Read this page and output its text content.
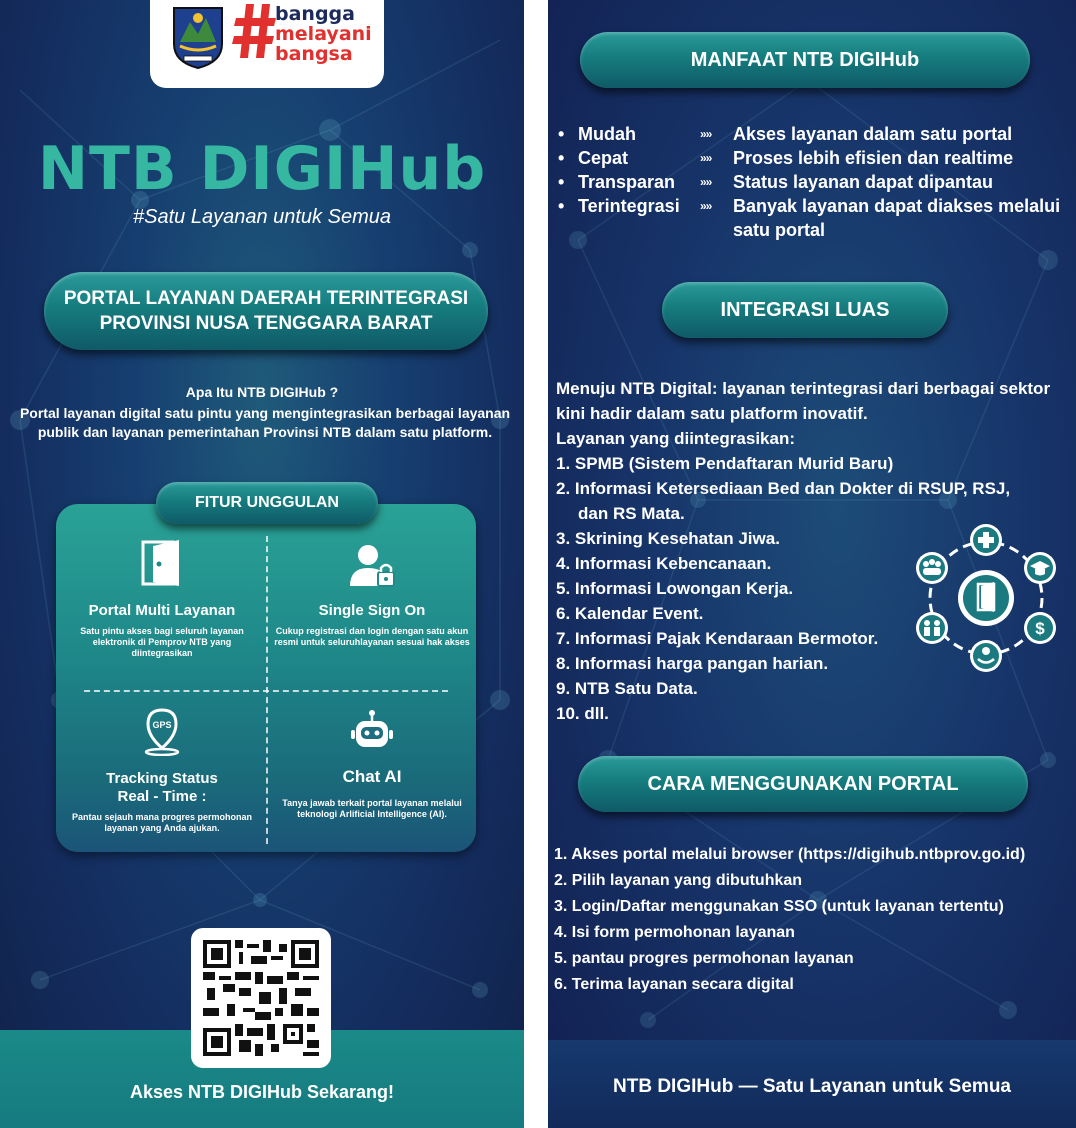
bangga
melayani
bangsa
NTB DIGIHub
#Satu Layanan untuk Semua
PORTAL LAYANAN DAERAH TERINTEGRASI
PROVINSI NUSA TENGGARA BARAT
Apa Itu NTB DIGIHub ?
Portal layanan digital satu pintu yang mengintegrasikan berbagai layanan publik dan layanan pemerintahan Provinsi NTB dalam satu platform.
FITUR UNGGULAN
Portal Multi Layanan
Satu pintu akses bagi seluruh layanan elektronik di Pemprov NTB yang diintegrasikan
Single Sign On
Cukup registrasi dan login dengan satu akun resmi untuk seluruhlayanan sesuai hak akses
GPS
Tracking Status
Real - Time :
Pantau sejauh mana progres permohonan layanan yang Anda ajukan.
Chat AI
Tanya jawab terkait portal layanan melalui teknologi Arlificial Intelligence (AI).
Akses NTB DIGIHub Sekarang!
MANFAAT NTB DIGIHub
• Mudah	»»	Akses layanan dalam satu portal
• Cepat	»»	Proses lebih efisien dan realtime
• Transparan	»»	Status layanan dapat dipantau
• Terintegrasi	»»	Banyak layanan dapat diakses melalui satu portal
INTEGRASI LUAS
Menuju NTB Digital: layanan terintegrasi dari berbagai sektor kini hadir dalam satu platform inovatif.
Layanan yang diintegrasikan:
1. SPMB (Sistem Pendaftaran Murid Baru)
2. Informasi Ketersediaan Bed dan Dokter di RSUP, RSJ,
dan RS Mata.
3. Skrining Kesehatan Jiwa.
4. Informasi Kebencanaan.
5. Informasi Lowongan Kerja.
6. Kalendar Event.
7. Informasi Pajak Kendaraan Bermotor.
8. Informasi harga pangan harian.
9. NTB Satu Data.
10. dll.
$
CARA MENGGUNAKAN PORTAL
1. Akses portal melalui browser (https://digihub.ntbprov.go.id)
2. Pilih layanan yang dibutuhkan
3. Login/Daftar menggunakan SSO (untuk layanan tertentu)
4. Isi form permohonan layanan
5. pantau progres permohonan layanan
6. Terima layanan secara digital
NTB DIGIHub — Satu Layanan untuk Semua
